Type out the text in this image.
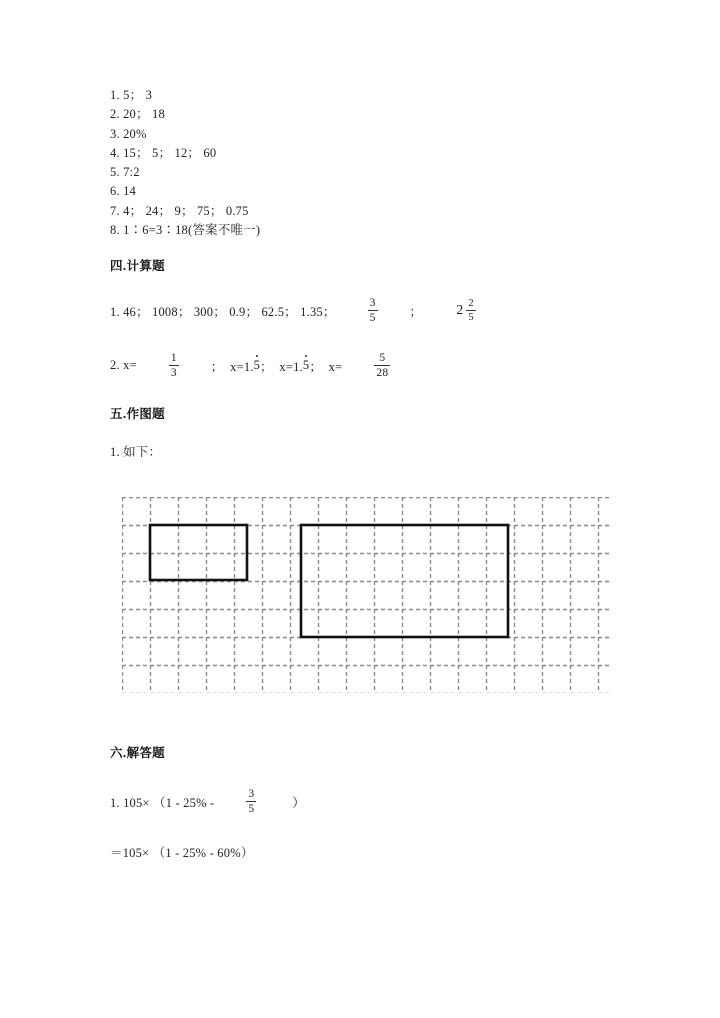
1. 5； 3
2. 20； 18
3. 20%
4. 15； 5； 12； 60
5. 7:2
6. 14
7. 4； 24； 9； 75； 0.75
8. 1∶6=3∶18(答案不唯一)
四.计算题
1. 46； 1008； 300； 0.9； 62.5； 1.35；	$\frac{3}{5}$	； $2 \frac{2}{5}$
2. x=	$\frac{1}{3}$	；  x=1. 5 ；  x=1. 5 ；  x=	$\frac{5}{28}$
五.作图题
1. 如下：
六.解答题
1. 105× （1 - 25% -	$\frac{3}{5}$	）
＝105× （1 - 25% - 60%）
